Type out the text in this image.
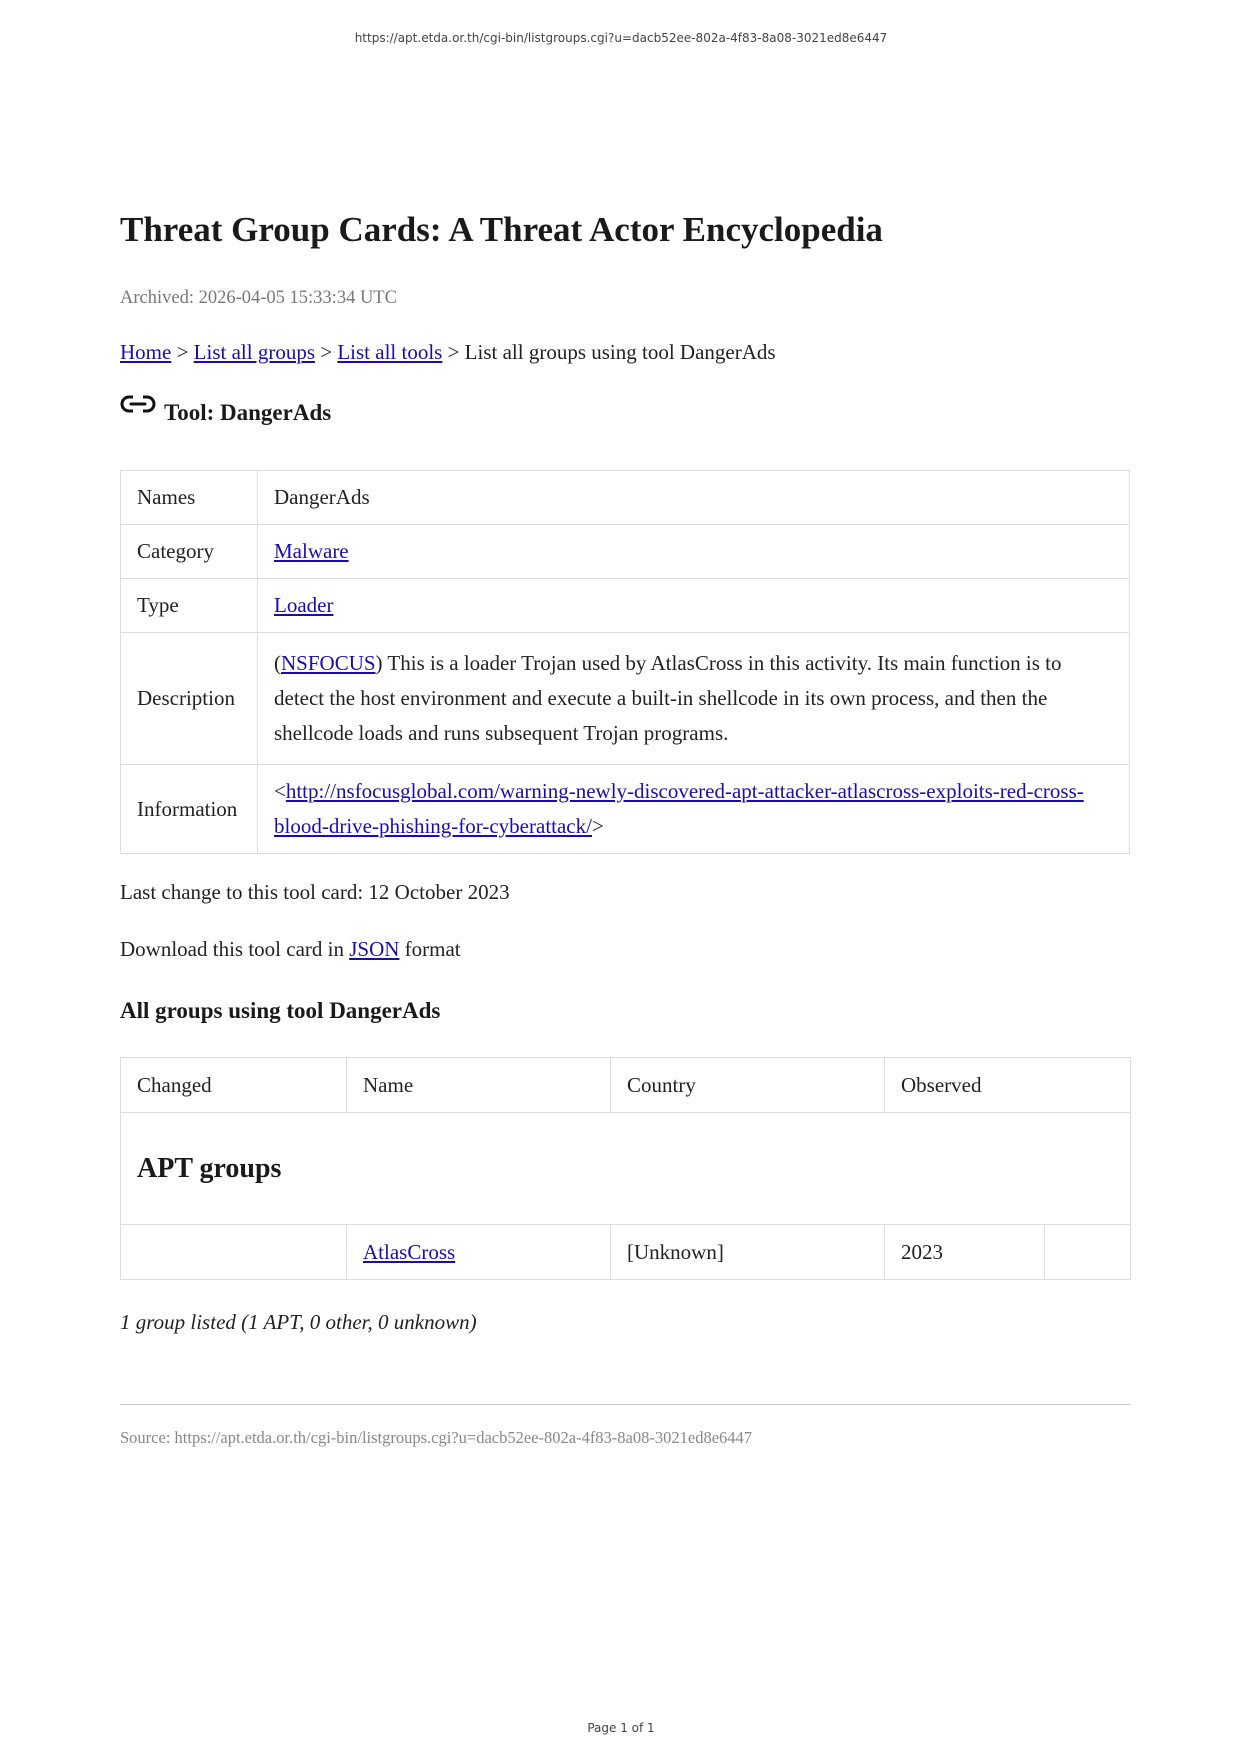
https://apt.etda.or.th/cgi-bin/listgroups.cgi?u=dacb52ee-802a-4f83-8a08-3021ed8e6447
Threat Group Cards: A Threat Actor Encyclopedia
Archived: 2026-04-05 15:33:34 UTC
Home > List all groups > List all tools > List all groups using tool DangerAds
Tool: DangerAds
Names	DangerAds
Category	Malware
Type	Loader
Description	(NSFOCUS) This is a loader Trojan used by AtlasCross in this activity. Its main function is to detect the host environment and execute a built-in shellcode in its own process, and then the shellcode loads and runs subsequent Trojan programs.
Information	<http://nsfocusglobal.com/warning-newly-discovered-apt-attacker-atlascross-exploits-red-cross-blood-drive-phishing-for-cyberattack/>
Last change to this tool card: 12 October 2023
Download this tool card in JSON format
All groups using tool DangerAds
Changed	Name	Country	Observed	
APT groups				
	AtlasCross	[Unknown]	2023	
1 group listed (1 APT, 0 other, 0 unknown)
Source: https://apt.etda.or.th/cgi-bin/listgroups.cgi?u=dacb52ee-802a-4f83-8a08-3021ed8e6447
Page 1 of 1
